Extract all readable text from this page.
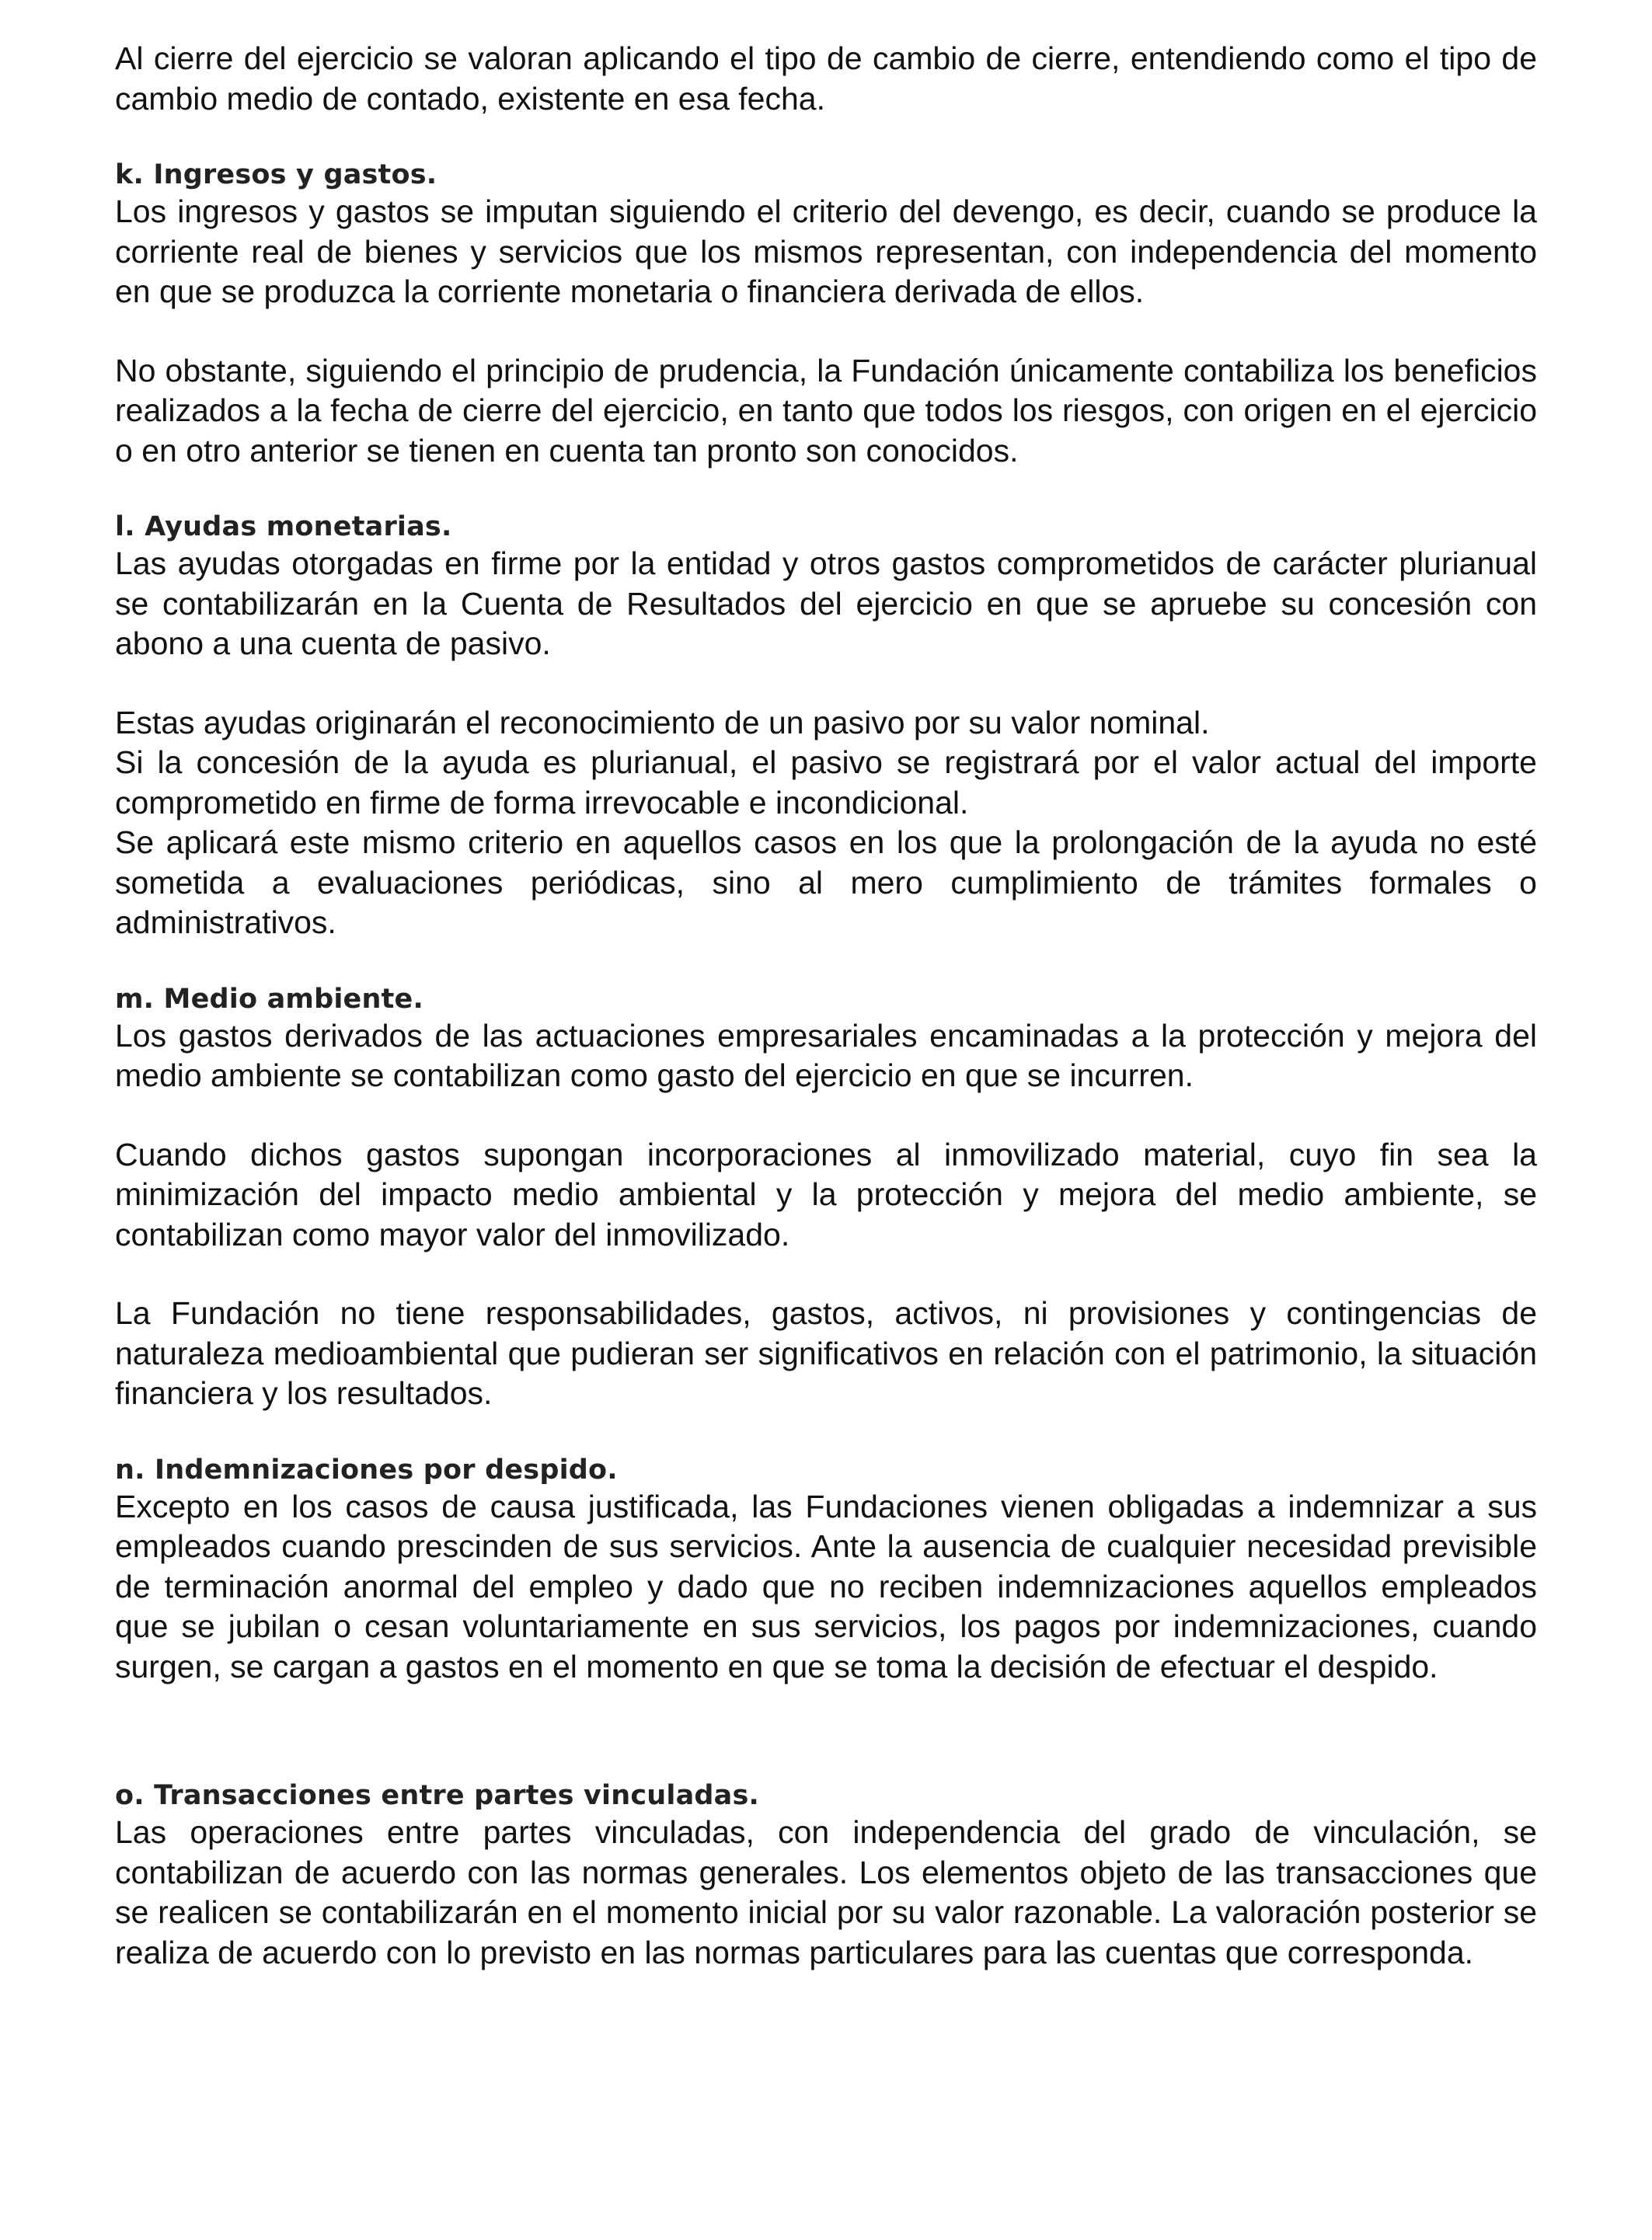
Al cierre del ejercicio se valoran aplicando el tipo de cambio de cierre, entendiendo como el tipo de cambio medio de contado, existente en esa fecha.

k. Ingresos y gastos.

Los ingresos y gastos se imputan siguiendo el criterio del devengo, es decir, cuando se produce la corriente real de bienes y servicios que los mismos representan, con independencia del momento en que se produzca la corriente monetaria o financiera derivada de ellos.

No obstante, siguiendo el principio de prudencia, la Fundación únicamente contabiliza los beneficios realizados a la fecha de cierre del ejercicio, en tanto que todos los riesgos, con origen en el ejercicio o en otro anterior se tienen en cuenta tan pronto son conocidos.

l. Ayudas monetarias.

Las ayudas otorgadas en firme por la entidad y otros gastos comprometidos de carácter plurianual se contabilizarán en la Cuenta de Resultados del ejercicio en que se apruebe su concesión con abono a una cuenta de pasivo.

Estas ayudas originarán el reconocimiento de un pasivo por su valor nominal.

Si la concesión de la ayuda es plurianual, el pasivo se registrará por el valor actual del importe comprometido en firme de forma irrevocable e incondicional.

Se aplicará este mismo criterio en aquellos casos en los que la prolongación de la ayuda no esté sometida a evaluaciones periódicas, sino al mero cumplimiento de trámites formales o administrativos.

m. Medio ambiente.

Los gastos derivados de las actuaciones empresariales encaminadas a la protección y mejora del medio ambiente se contabilizan como gasto del ejercicio en que se incurren.

Cuando dichos gastos supongan incorporaciones al inmovilizado material, cuyo fin sea la minimización del impacto medio ambiental y la protección y mejora del medio ambiente, se contabilizan como mayor valor del inmovilizado.

La Fundación no tiene responsabilidades, gastos, activos, ni provisiones y contingencias de naturaleza medioambiental que pudieran ser significativos en relación con el patrimonio, la situación financiera y los resultados.

n. Indemnizaciones por despido.

Excepto en los casos de causa justificada, las Fundaciones vienen obligadas a indemnizar a sus empleados cuando prescinden de sus servicios. Ante la ausencia de cualquier necesidad previsible de terminación anormal del empleo y dado que no reciben indemnizaciones aquellos empleados que se jubilan o cesan voluntariamente en sus servicios, los pagos por indemnizaciones, cuando surgen, se cargan a gastos en el momento en que se toma la decisión de efectuar el despido.

o. Transacciones entre partes vinculadas.

Las operaciones entre partes vinculadas, con independencia del grado de vinculación, se contabilizan de acuerdo con las normas generales. Los elementos objeto de las transacciones que se realicen se contabilizarán en el momento inicial por su valor razonable. La valoración posterior se realiza de acuerdo con lo previsto en las normas particulares para las cuentas que corresponda.
